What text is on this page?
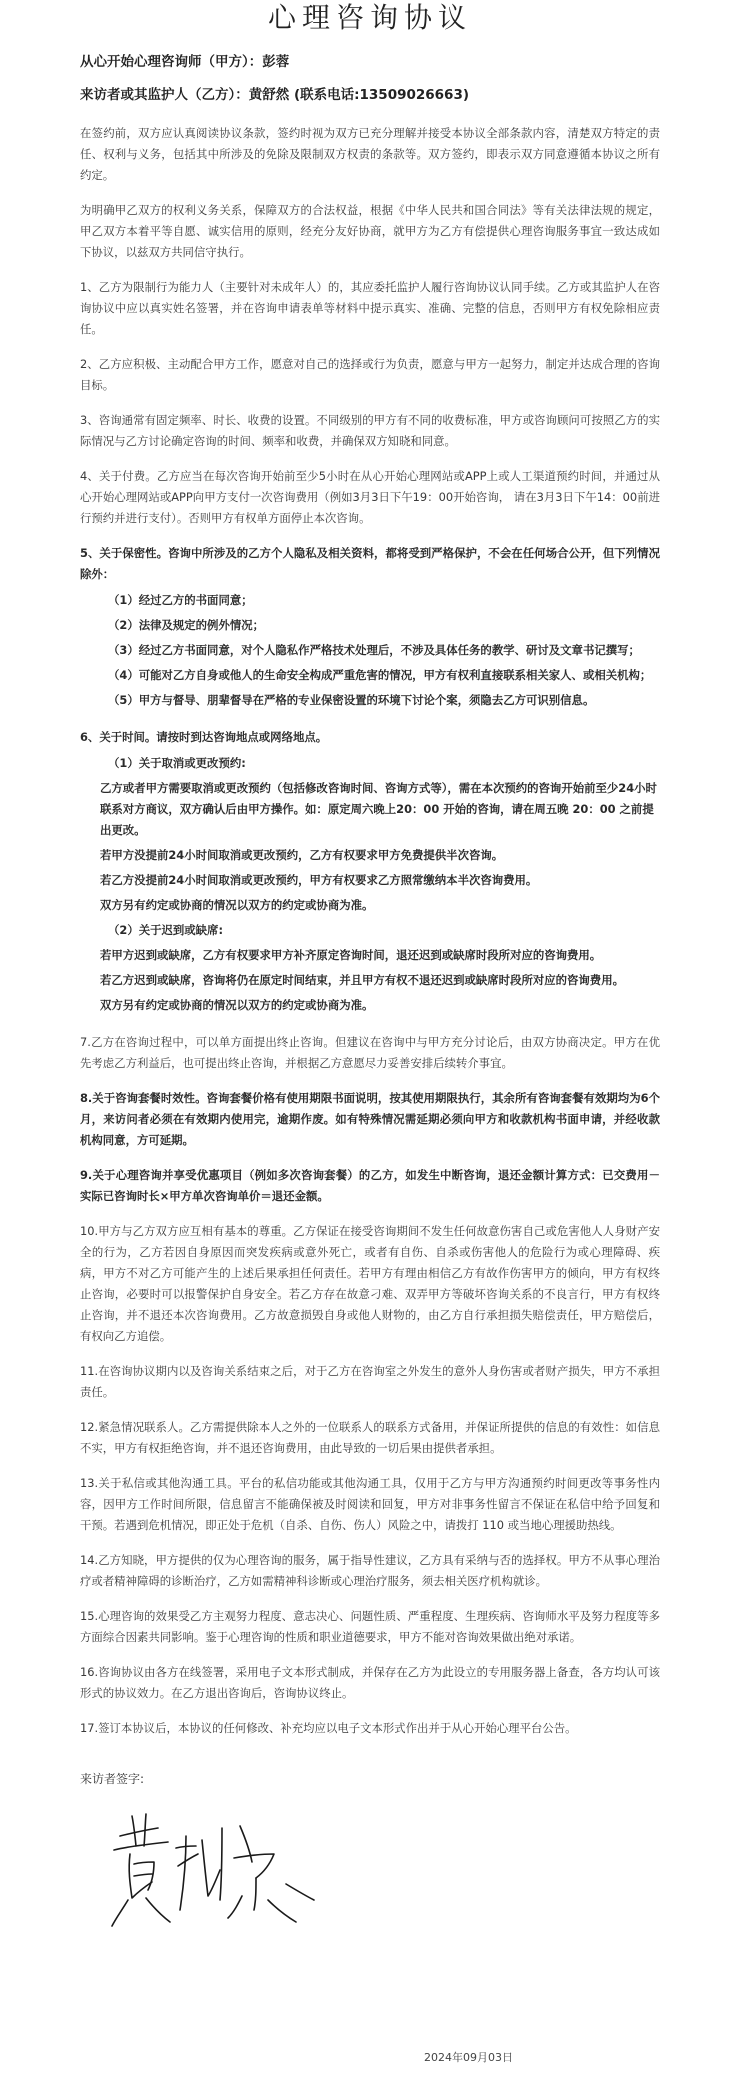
心理咨询协议
从心开始心理咨询师（甲方）：彭蓉
来访者或其监护人（乙方）：黄舒然 (联系电话:13509026663)

在签约前，双方应认真阅读协议条款，签约时视为双方已充分理解并接受本协议全部条款内容，清楚双方特定的责任、权利与义务，包括其中所涉及的免除及限制双方权责的条款等。双方签约，即表示双方同意遵循本协议之所有约定。

为明确甲乙双方的权利义务关系，保障双方的合法权益，根据《中华人民共和国合同法》等有关法律法规的规定，甲乙双方本着平等自愿、诚实信用的原则，经充分友好协商，就甲方为乙方有偿提供心理咨询服务事宜一致达成如下协议，以兹双方共同信守执行。

1、乙方为限制行为能力人（主要针对未成年人）的，其应委托监护人履行咨询协议认同手续。乙方或其监护人在咨询协议中应以真实姓名签署，并在咨询申请表单等材料中提示真实、准确、完整的信息，否则甲方有权免除相应责任。

2、乙方应积极、主动配合甲方工作，愿意对自己的选择或行为负责，愿意与甲方一起努力，制定并达成合理的咨询目标。

3、咨询通常有固定频率、时长、收费的设置。不同级别的甲方有不同的收费标准，甲方或咨询顾问可按照乙方的实际情况与乙方讨论确定咨询的时间、频率和收费，并确保双方知晓和同意。

4、关于付费。乙方应当在每次咨询开始前至少5小时在从心开始心理网站或APP上或人工渠道预约时间，并通过从心开始心理网站或APP向甲方支付一次咨询费用（例如3月3日下午19：00开始咨询， 请在3月3日下午14：00前进行预约并进行支付）。否则甲方有权单方面停止本次咨询。

5、关于保密性。咨询中所涉及的乙方个人隐私及相关资料，都将受到严格保护，不会在任何场合公开，但下列情况除外：

（1）经过乙方的书面同意；
（2）法律及规定的例外情况；
（3）经过乙方书面同意，对个人隐私作严格技术处理后，不涉及具体任务的教学、研讨及文章书记撰写；
（4）可能对乙方自身或他人的生命安全构成严重危害的情况，甲方有权利直接联系相关家人、或相关机构；
（5）甲方与督导、朋辈督导在严格的专业保密设置的环境下讨论个案，须隐去乙方可识别信息。

6、关于时间。请按时到达咨询地点或网络地点。

（1）关于取消或更改预约:
乙方或者甲方需要取消或更改预约（包括修改咨询时间、咨询方式等），需在本次预约的咨询开始前至少24小时联系对方商议，双方确认后由甲方操作。如：原定周六晚上20：00 开始的咨询，请在周五晚 20：00 之前提出更改。
若甲方没提前24小时间取消或更改预约，乙方有权要求甲方免费提供半次咨询。
若乙方没提前24小时间取消或更改预约，甲方有权要求乙方照常缴纳本半次咨询费用。
双方另有约定或协商的情况以双方的约定或协商为准。
（2）关于迟到或缺席:
若甲方迟到或缺席，乙方有权要求甲方补齐原定咨询时间，退还迟到或缺席时段所对应的咨询费用。
若乙方迟到或缺席，咨询将仍在原定时间结束，并且甲方有权不退还迟到或缺席时段所对应的咨询费用。
双方另有约定或协商的情况以双方的约定或协商为准。

7.乙方在咨询过程中，可以单方面提出终止咨询。但建议在咨询中与甲方充分讨论后，由双方协商决定。甲方在优先考虑乙方利益后，也可提出终止咨询，并根据乙方意愿尽力妥善安排后续转介事宜。

8.关于咨询套餐时效性。咨询套餐价格有使用期限书面说明，按其使用期限执行，其余所有咨询套餐有效期均为6个月，来访问者必须在有效期内使用完，逾期作废。如有特殊情况需延期必须向甲方和收款机构书面申请，并经收款机构同意，方可延期。

9.关于心理咨询并享受优惠项目（例如多次咨询套餐）的乙方，如发生中断咨询，退还金额计算方式：已交费用－实际已咨询时长×甲方单次咨询单价＝退还金额。

10.甲方与乙方双方应互相有基本的尊重。乙方保证在接受咨询期间不发生任何故意伤害自己或危害他人人身财产安全的行为，乙方若因自身原因而突发疾病或意外死亡，或者有自伤、自杀或伤害他人的危险行为或心理障碍、疾病，甲方不对乙方可能产生的上述后果承担任何责任。若甲方有理由相信乙方有故作伤害甲方的倾向，甲方有权终止咨询，必要时可以报警保护自身安全。若乙方存在故意刁难、双弄甲方等破坏咨询关系的不良言行，甲方有权终止咨询，并不退还本次咨询费用。乙方故意损毁自身或他人财物的，由乙方自行承担损失赔偿责任，甲方赔偿后，有权向乙方追偿。

11.在咨询协议期内以及咨询关系结束之后，对于乙方在咨询室之外发生的意外人身伤害或者财产损失，甲方不承担责任。

12.紧急情况联系人。乙方需提供除本人之外的一位联系人的联系方式备用，并保证所提供的信息的有效性：如信息不实，甲方有权拒绝咨询，并不退还咨询费用，由此导致的一切后果由提供者承担。

13.关于私信或其他沟通工具。平台的私信功能或其他沟通工具，仅用于乙方与甲方沟通预约时间更改等事务性内容，因甲方工作时间所限，信息留言不能确保被及时阅读和回复，甲方对非事务性留言不保证在私信中给予回复和干预。若遇到危机情况，即正处于危机（自杀、自伤、伤人）风险之中，请拨打 110 或当地心理援助热线。

14.乙方知晓，甲方提供的仅为心理咨询的服务，属于指导性建议，乙方具有采纳与否的选择权。甲方不从事心理治疗或者精神障碍的诊断治疗，乙方如需精神科诊断或心理治疗服务，须去相关医疗机构就诊。

15.心理咨询的效果受乙方主观努力程度、意志决心、问题性质、严重程度、生理疾病、咨询师水平及努力程度等多方面综合因素共同影响。鉴于心理咨询的性质和职业道德要求，甲方不能对咨询效果做出绝对承诺。

16.咨询协议由各方在线签署，采用电子文本形式制成，并保存在乙方为此设立的专用服务器上备查，各方均认可该形式的协议效力。在乙方退出咨询后，咨询协议终止。

17.签订本协议后，本协议的任何修改、补充均应以电子文本形式作出并于从心开始心理平台公告。

来访者签字:
2024年09月03日
